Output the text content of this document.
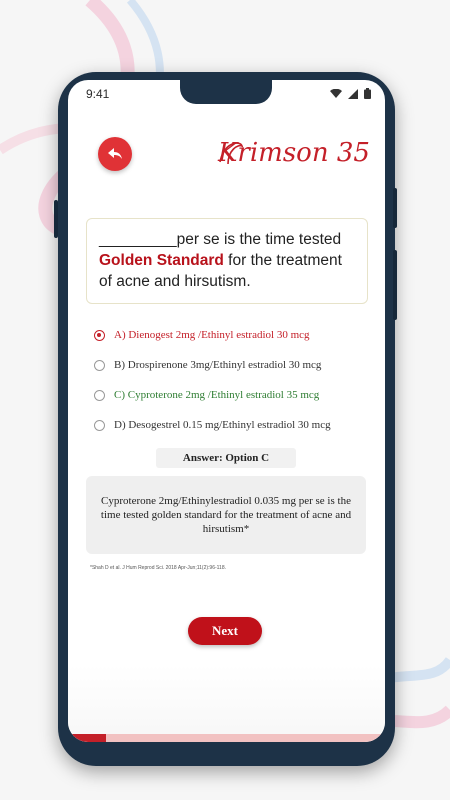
9:41
Krimson 35
_________per se is the time tested Golden Standard for the treatment of acne and hirsutism.
A) Dienogest 2mg /Ethinyl estradiol 30 mcg
B) Drospirenone 3mg/Ethinyl estradiol 30 mcg
C) Cyproterone 2mg /Ethinyl estradiol 35 mcg
D) Desogestrel 0.15 mg/Ethinyl estradiol 30 mcg
Answer: Option C
Cyproterone 2mg/Ethinylestradiol 0.035 mg per se is the time tested golden standard for the treatment of acne and hirsutism*
*Shah D et al. J Hum Reprod Sci. 2018 Apr-Jun;11(2):96-118.
Next
